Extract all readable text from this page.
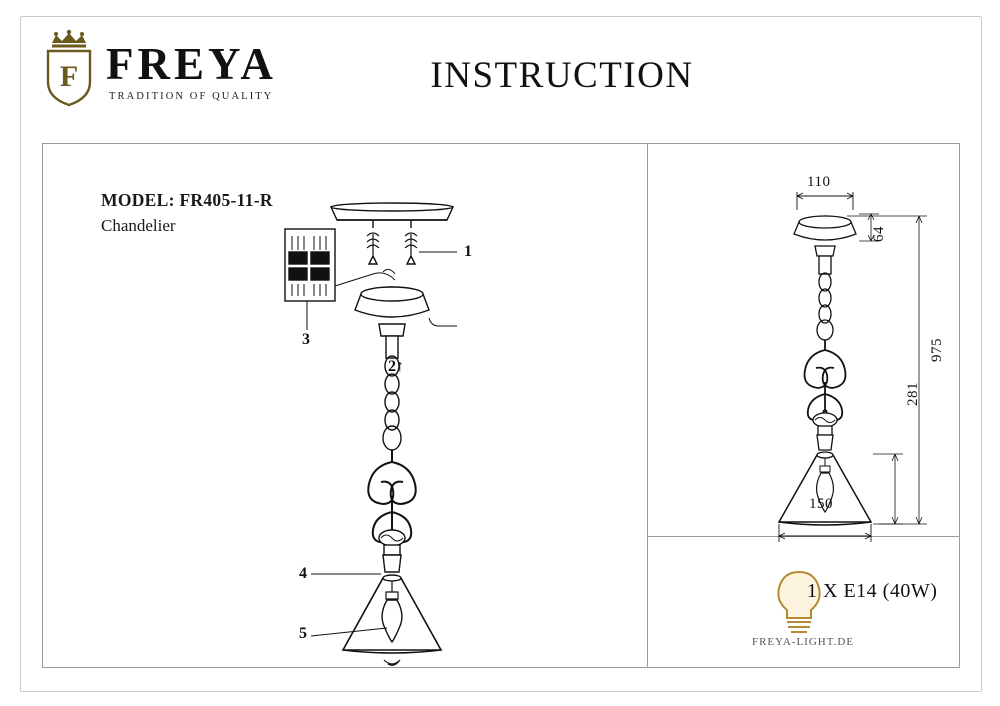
F FREYA
TRADITION OF QUALITY
INSTRUCTION
MODEL: FR405-11-R
Chandelier
1
2↑
3
4
5
110
64
975
281
150
1 X E14 (40W)
FREYA-LIGHT.DE
